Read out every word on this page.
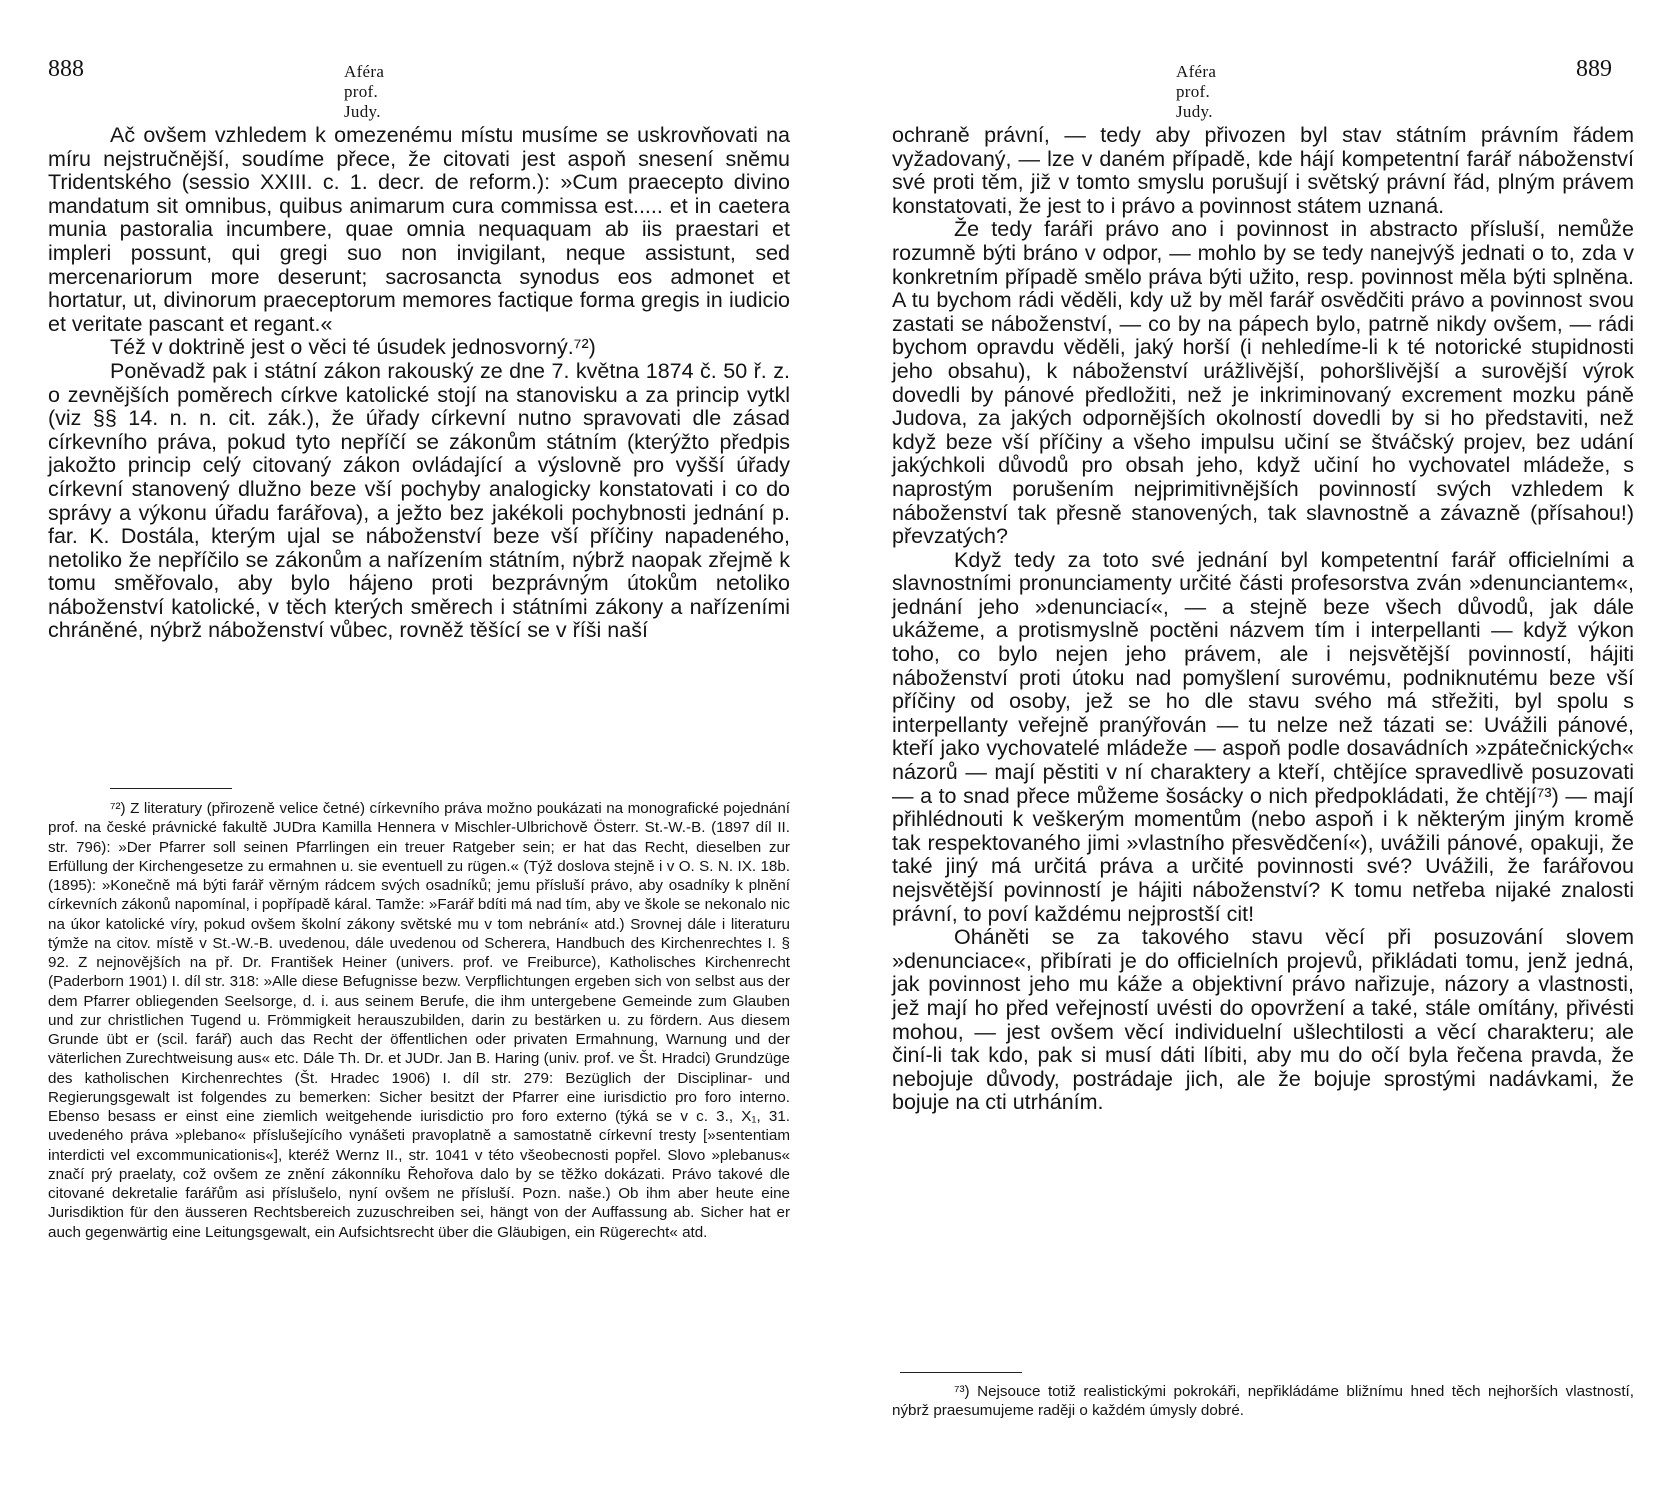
888	Aféra prof. Judy.

Ač ovšem vzhledem k omezenému místu musíme se uskrovňovati na míru nejstručnější, soudíme přece, že citovati jest aspoň snesení sněmu Tridentského (sessio XXIII. c. 1. decr. de reform.): »Cum praecepto divino mandatum sit omnibus, quibus animarum cura commissa est..... et in caetera munia pastoralia incumbere, quae omnia nequaquam ab iis praestari et impleri possunt, qui gregi suo non invigilant, neque assistunt, sed mercenariorum more deserunt; sacrosancta synodus eos admonet et hortatur, ut, divinorum praeceptorum memores factique forma gregis in iudicio et veritate pascant et regant.«

Též v doktrině jest o věci té úsudek jednosvorný.⁷²)

Poněvadž pak i státní zákon rakouský ze dne 7. května 1874 č. 50 ř. z. o zevnějších poměrech církve katolické stojí na stanovisku a za princip vytkl (viz §§ 14. n. n. cit. zák.), že úřady církevní nutno spravovati dle zásad církevního práva, pokud tyto nepříčí se zákonům státním (kterýžto předpis jakožto princip celý citovaný zákon ovládající a výslovně pro vyšší úřady církevní stanovený dlužno beze vší pochyby analogicky konstatovati i co do správy a výkonu úřadu farářova), a ježto bez jakékoli pochybnosti jednání p. far. K. Dostála, kterým ujal se náboženství beze vší příčiny napadeného, netoliko že nepříčilo se zákonům a nařízením státním, nýbrž naopak zřejmě k tomu směřovalo, aby bylo hájeno proti bezprávným útokům netoliko náboženství katolické, v těch kterých směrech i státními zákony a nařízeními chráněné, nýbrž náboženství vůbec, rovněž těšící se v říši naší

⁷²) Z literatury (přirozeně velice četné) církevního práva možno poukázati na monografické pojednání prof. na české právnické fakultě JUDra Kamilla Hennera v Mischler-Ulbrichově Österr. St.-W.-B. (1897 díl II. str. 796): »Der Pfarrer soll seinen Pfarrlingen ein treuer Ratgeber sein; er hat das Recht, dieselben zur Erfüllung der Kirchengesetze zu ermahnen u. sie eventuell zu rügen.« (Týž doslova stejně i v O. S. N. IX. 18b. (1895): »Konečně má býti farář věrným rádcem svých osadníků; jemu přísluší právo, aby osadníky k plnění církevních zákonů napomínal, i popřípadě káral. Tamže: »Farář bdíti má nad tím, aby ve škole se nekonalo nic na úkor katolické víry, pokud ovšem školní zákony světské mu v tom nebrání« atd.) Srovnej dále i literaturu týmže na citov. místě v St.-W.-B. uvedenou, dále uvedenou od Scherera, Handbuch des Kirchenrechtes I. § 92. Z nejnovějších na př. Dr. František Heiner (univers. prof. ve Freiburce), Katholisches Kirchenrecht (Paderborn 1901) I. díl str. 318: »Alle diese Befugnisse bezw. Verpflichtungen ergeben sich von selbst aus der dem Pfarrer obliegenden Seelsorge, d. i. aus seinem Berufe, die ihm untergebene Gemeinde zum Glauben und zur christlichen Tugend u. Frömmigkeit herauszubilden, darin zu bestärken u. zu fördern. Aus diesem Grunde übt er (scil. farář) auch das Recht der öffentlichen oder privaten Ermahnung, Warnung und der väterlichen Zurechtweisung aus« etc. Dále Th. Dr. et JUDr. Jan B. Haring (univ. prof. ve Št. Hradci) Grundzüge des katholischen Kirchenrechtes (Št. Hradec 1906) I. díl str. 279: Bezüglich der Disciplinar- und Regierungsgewalt ist folgendes zu bemerken: Sicher besitzt der Pfarrer eine iurisdictio pro foro interno. Ebenso besass er einst eine ziemlich weitgehende iurisdictio pro foro externo (týká se v c. 3., X₁, 31. uvedeného práva »plebano« příslušejícího vynášeti pravoplatně a samostatně církevní tresty [»sententiam interdicti vel excommunicationis«], kteréž Wernz II., str. 1041 v této všeobecnosti popřel. Slovo »plebanus« značí prý praelaty, což ovšem ze znění zákonníku Řehořova dalo by se těžko dokázati. Právo takové dle citované dekretalie farářům asi příslušelo, nyní ovšem ne přísluší. Pozn. naše.) Ob ihm aber heute eine Jurisdiktion für den äusseren Rechtsbereich zuzuschreiben sei, hängt von der Auffassung ab. Sicher hat er auch gegenwärtig eine Leitungsgewalt, ein Aufsichtsrecht über die Gläubigen, ein Rügerecht« atd.

Aféra prof. Judy.
889

ochraně právní, — tedy aby přivozen byl stav státním právním řádem vyžadovaný, — lze v daném případě, kde hájí kompetentní farář náboženství své proti těm, již v tomto smyslu porušují i světský právní řád, plným právem konstatovati, že jest to i právo a povinnost státem uznaná.

Že tedy faráři právo ano i povinnost in abstracto přísluší, nemůže rozumně býti bráno v odpor, — mohlo by se tedy nanejvýš jednati o to, zda v konkretním případě smělo práva býti užito, resp. povinnost měla býti splněna. A tu bychom rádi věděli, kdy už by měl farář osvědčiti právo a povinnost svou zastati se náboženství, — co by na pápech bylo, patrně nikdy ovšem, — rádi bychom opravdu věděli, jaký horší (i nehledíme-li k té notorické stupidnosti jeho obsahu), k náboženství urážlivější, pohoršlivější a surovější výrok dovedli by pánové předložiti, než je inkriminovaný excrement mozku páně Judova, za jakých odpornějších okolností dovedli by si ho představiti, než když beze vší příčiny a všeho impulsu učiní se štváčský projev, bez udání jakýchkoli důvodů pro obsah jeho, když učiní ho vychovatel mládeže, s naprostým porušením nejprimitivnějších povinností svých vzhledem k náboženství tak přesně stanovených, tak slavnostně a závazně (přísahou!) převzatých?

Když tedy za toto své jednání byl kompetentní farář officielními a slavnostními pronunciamenty určité části profesorstva zván »denunciantem«, jednání jeho »denunciací«, — a stejně beze všech důvodů, jak dále ukážeme, a protismyslně poctěni názvem tím i interpellanti — když výkon toho, co bylo nejen jeho právem, ale i nejsvětější povinností, hájiti náboženství proti útoku nad pomyšlení surovému, podniknutému beze vší příčiny od osoby, jež se ho dle stavu svého má střežiti, byl spolu s interpellanty veřejně pranýřován — tu nelze než tázati se: Uvážili pánové, kteří jako vychovatelé mládeže — aspoň podle dosavádních »zpátečnických« názorů — mají pěstiti v ní charaktery a kteří, chtějíce spravedlivě posuzovati — a to snad přece můžeme šosácky o nich předpokládati, že chtějí⁷³) — mají přihlédnouti k veškerým momentům (nebo aspoň i k některým jiným kromě tak respektovaného jimi »vlastního přesvědčení«), uvážili pánové, opakuji, že také jiný má určitá práva a určité povinnosti své? Uvážili, že farářovou nejsvětější povinností je hájiti náboženství? K tomu netřeba nijaké znalosti právní, to poví každému nejprostší cit!

Oháněti se za takového stavu věcí při posuzování slovem »denunciace«, přibírati je do officielních projevů, přikládati tomu, jenž jedná, jak povinnost jeho mu káže a objektivní právo nařizuje, názory a vlastnosti, jež mají ho před veřejností uvésti do opovržení a také, stále omítány, přivésti mohou, — jest ovšem věcí individuelní ušlechtilosti a věcí charakteru; ale činí-li tak kdo, pak si musí dáti líbiti, aby mu do očí byla řečena pravda, že nebojuje důvody, postrádaje jich, ale že bojuje sprostými nadávkami, že bojuje na cti utrháním.

⁷³) Nejsouce totiž realistickými pokrokáři, nepřikládáme bližnímu hned těch nejhorších vlastností, nýbrž praesumujeme raději o každém úmysly dobré.
